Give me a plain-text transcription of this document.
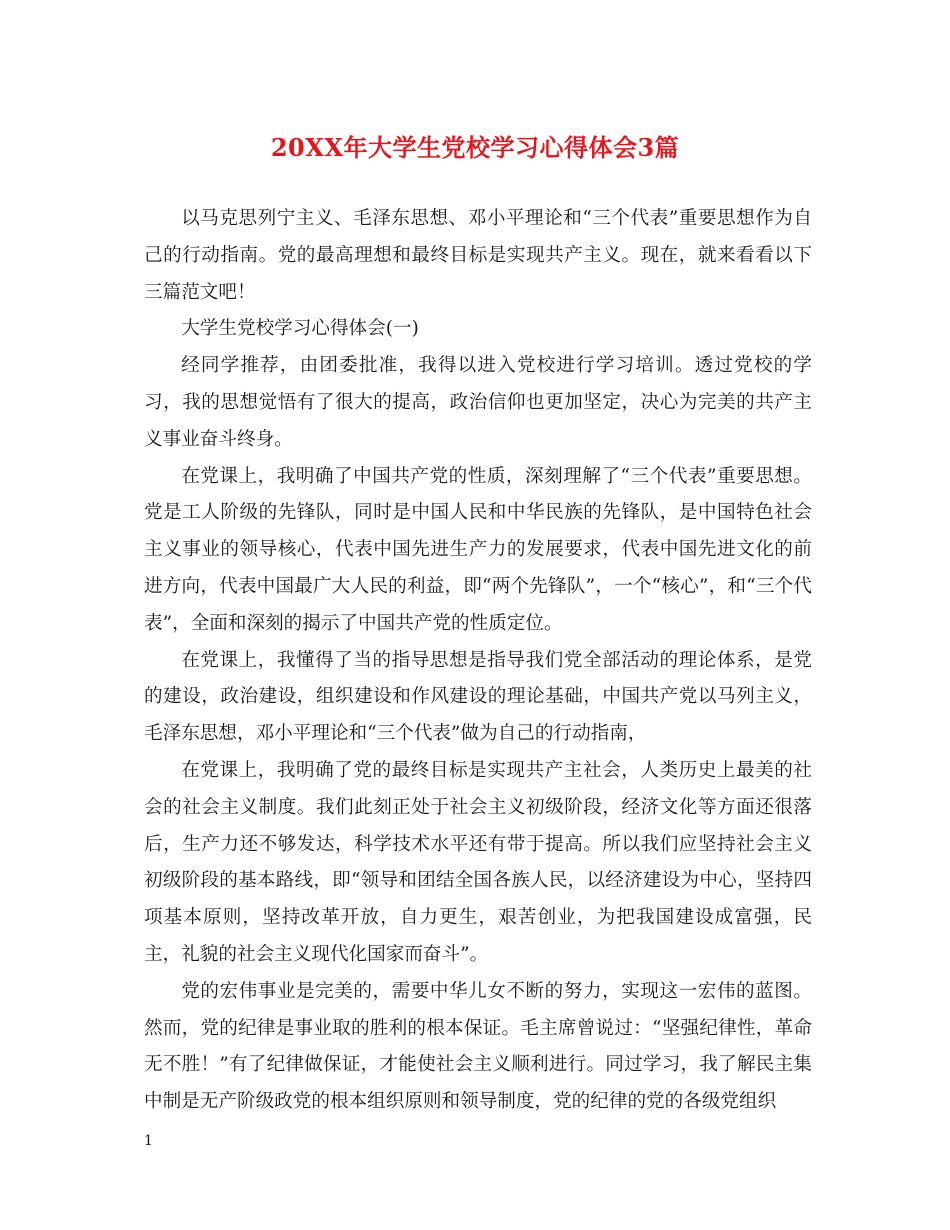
20XX年大学生党校学习心得体会3篇

以马克思列宁主义、毛泽东思想、邓小平理论和“三个代表”重要思想作为自己的行动指南。党的最高理想和最终目标是实现共产主义。现在，就来看看以下三篇范文吧！

大学生党校学习心得体会(一)

经同学推荐，由团委批准，我得以进入党校进行学习培训。透过党校的学习，我的思想觉悟有了很大的提高，政治信仰也更加坚定，决心为完美的共产主义事业奋斗终身。

在党课上，我明确了中国共产党的性质，深刻理解了“三个代表”重要思想。党是工人阶级的先锋队，同时是中国人民和中华民族的先锋队，是中国特色社会主义事业的领导核心，代表中国先进生产力的发展要求，代表中国先进文化的前进方向，代表中国最广大人民的利益，即“两个先锋队”，一个“核心”，和“三个代表”，全面和深刻的揭示了中国共产党的性质定位。

在党课上，我懂得了当的指导思想是指导我们党全部活动的理论体系，是党的建设，政治建设，组织建设和作风建设的理论基础，中国共产党以马列主义，毛泽东思想，邓小平理论和“三个代表”做为自己的行动指南，

在党课上，我明确了党的最终目标是实现共产主社会，人类历史上最美的社会的社会主义制度。我们此刻正处于社会主义初级阶段，经济文化等方面还很落后，生产力还不够发达，科学技术水平还有带于提高。所以我们应坚持社会主义初级阶段的基本路线，即“领导和团结全国各族人民，以经济建设为中心，坚持四项基本原则，坚持改革开放，自力更生，艰苦创业，为把我国建设成富强，民主，礼貌的社会主义现代化国家而奋斗”。

党的宏伟事业是完美的，需要中华儿女不断的努力，实现这一宏伟的蓝图。然而，党的纪律是事业取的胜利的根本保证。毛主席曾说过：“坚强纪律性，革命无不胜！”有了纪律做保证，才能使社会主义顺利进行。同过学习，我了解民主集中制是无产阶级政党的根本组织原则和领导制度，党的纪律的党的各级党组织

1
